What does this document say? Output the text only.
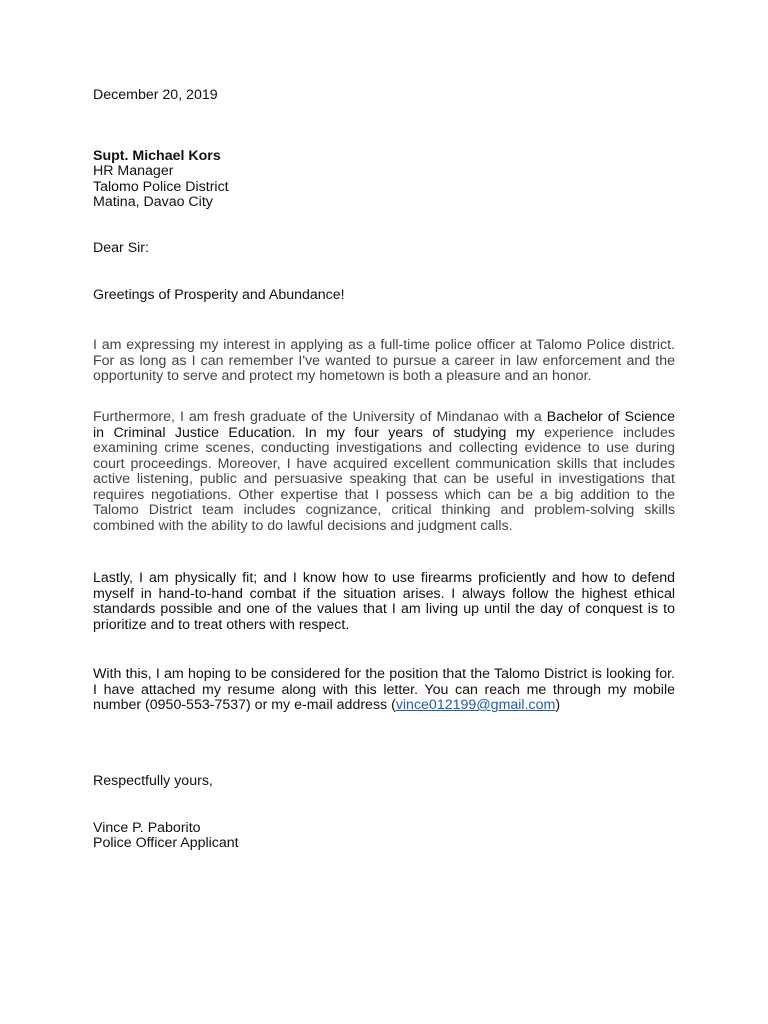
December 20, 2019
Supt. Michael Kors
HR Manager
Talomo Police District
Matina, Davao City
Dear Sir:
Greetings of Prosperity and Abundance!

I am expressing my interest in applying as a full-time police officer at Talomo Police district. For as long as I can remember I've wanted to pursue a career in law enforcement and the opportunity to serve and protect my hometown is both a pleasure and an honor.

Furthermore, I am fresh graduate of the University of Mindanao with a Bachelor of Science in Criminal Justice Education. In my four years of studying my experience includes examining crime scenes, conducting investigations and collecting evidence to use during court proceedings. Moreover, I have acquired excellent communication skills that includes active listening, public and persuasive speaking that can be useful in investigations that requires negotiations. Other expertise that I possess which can be a big addition to the Talomo District team includes cognizance, critical thinking and problem-solving skills combined with the ability to do lawful decisions and judgment calls.

Lastly, I am physically fit; and I know how to use firearms proficiently and how to defend myself in hand-to-hand combat if the situation arises. I always follow the highest ethical standards possible and one of the values that I am living up until the day of conquest is to prioritize and to treat others with respect.

With this, I am hoping to be considered for the position that the Talomo District is looking for. I have attached my resume along with this letter. You can reach me through my mobile number (0950-553-7537) or my e-mail address (vince012199@gmail.com)

Respectfully yours,
Vince P. Paborito
Police Officer Applicant
